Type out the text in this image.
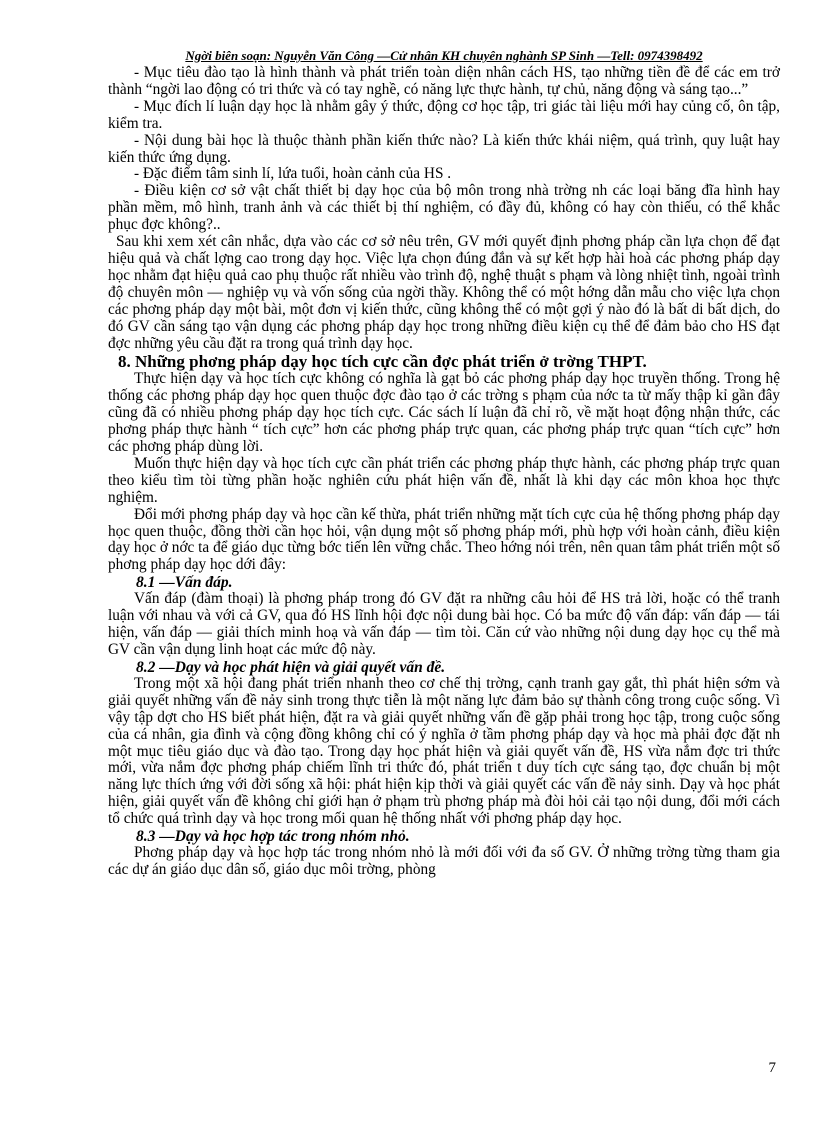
Ngời biên soạn: Nguyễn Văn Công —Cử nhân KH chuyên nghành SP Sinh —Tell: 0974398492

- Mục tiêu đào tạo là hình thành và phát triển toàn diện nhân cách HS, tạo những tiền đề để các em trở thành “ngời lao động có tri thức và có tay nghề, có năng lực thực hành, tự chủ, năng động và sáng tạo...”

- Mục đích lí luận dạy học là nhằm gây ý thức, động cơ học tập, tri giác tài liệu mới hay củng cố, ôn tập, kiểm tra.

- Nội dung bài học là thuộc thành phần kiến thức nào? Là kiến thức khái niệm, quá trình, quy luật hay kiến thức ứng dụng.

- Đặc điểm tâm sinh lí, lứa tuổi, hoàn cảnh của HS .

- Điều kiện cơ sở vật chất thiết bị dạy học của bộ môn trong nhà trờng nh các loại băng đĩa hình hay phần mềm, mô hình, tranh ảnh và các thiết bị thí nghiệm, có đầy đủ, không có hay còn thiếu, có thể khắc phục đợc không?..

Sau khi xem xét cân nhắc, dựa vào các cơ sở nêu trên, GV mới quyết định phơng pháp cần lựa chọn để đạt hiệu quả và chất lợng cao trong dạy học. Việc lựa chọn đúng đắn và sự kết hợp hài hoà các phơng pháp dạy học nhằm đạt hiệu quả cao phụ thuộc rất nhiều vào trình độ, nghệ thuật s phạm và lòng nhiệt tình, ngoài trình độ chuyên môn — nghiệp vụ và vốn sống của ngời thầy. Không thể có một hớng dẫn mẫu cho việc lựa chọn các phơng pháp dạy một bài, một đơn vị kiến thức, cũng không thể có một gợi ý nào đó là bất di bất dịch, do đó GV cần sáng tạo vận dụng các phơng pháp dạy học trong những điều kiện cụ thể để đảm bảo cho HS đạt đợc những yêu cầu đặt ra trong quá trình dạy học.

8. Những phơng pháp dạy học tích cực cần đợc phát triển ở trờng THPT.

Thực hiện dạy và học tích cực không có nghĩa là gạt bỏ các phơng pháp dạy học truyền thống. Trong hệ thống các phơng pháp dạy học quen thuộc đợc đào tạo ở các trờng s phạm của nớc ta từ mấy thập kỉ gần đây cũng đã có nhiều phơng pháp dạy học tích cực. Các sách lí luận đã chỉ rõ, về mặt hoạt động nhận thức, các phơng pháp thực hành “ tích cực” hơn các phơng pháp trực quan, các phơng pháp trực quan “tích cực” hơn các phơng pháp dùng lời.

Muốn thực hiện dạy và học tích cực cần phát triển các phơng pháp thực hành, các phơng pháp trực quan theo kiểu tìm tòi từng phần hoặc nghiên cứu phát hiện vấn đề, nhất là khi dạy các môn khoa học thực nghiệm.

Đổi mới phơng pháp dạy và học cần kế thừa, phát triển những mặt tích cực của hệ thống phơng pháp dạy học quen thuộc, đồng thời cần học hỏi, vận dụng một số phơng pháp mới, phù hợp với hoàn cảnh, điều kiện dạy học ở nớc ta để giáo dục từng bớc tiến lên vững chắc. Theo hớng nói trên, nên quan tâm phát triển một số phơng pháp dạy học dới đây:

8.1 —Vấn đáp.

Vấn đáp (đàm thoại) là phơng pháp trong đó GV đặt ra những câu hỏi để HS trả lời, hoặc có thể tranh luận với nhau và với cả GV, qua đó HS lĩnh hội đợc nội dung bài học. Có ba mức độ vấn đáp: vấn đáp — tái hiện, vấn đáp — giải thích minh hoạ và vấn đáp — tìm tòi. Căn cứ vào những nội dung dạy học cụ thể mà GV cần vận dụng linh hoạt các mức độ này.

8.2 —Dạy và học phát hiện và giải quyết vấn đề.

Trong một xã hội đang phát triển nhanh theo cơ chế thị trờng, cạnh tranh gay gắt, thì phát hiện sớm và giải quyết những vấn đề nảy sinh trong thực tiễn là một năng lực đảm bảo sự thành công trong cuộc sống. Vì vậy tập dợt cho HS biết phát hiện, đặt ra và giải quyết những vấn đề gặp phải trong học tập, trong cuộc sống của cá nhân, gia đình và cộng đồng không chỉ có ý nghĩa ở tầm phơng pháp dạy và học mà phải đợc đặt nh một mục tiêu giáo dục và đào tạo. Trong dạy học phát hiện và giải quyết vấn đề, HS vừa nắm đợc tri thức mới, vừa nắm đợc phơng pháp chiếm lĩnh tri thức đó, phát triển t duy tích cực sáng tạo, đợc chuẩn bị một năng lực thích ứng với đời sống xã hội: phát hiện kịp thời và giải quyết các vấn đề nảy sinh. Dạy và học phát hiện, giải quyết vấn đề không chỉ giới hạn ở phạm trù phơng pháp mà đòi hỏi cải tạo nội dung, đổi mới cách tổ chức quá trình dạy và học trong mối quan hệ thống nhất với phơng pháp dạy học.

8.3 —Dạy và học hợp tác trong nhóm nhỏ.

Phơng pháp dạy và học hợp tác trong nhóm nhỏ là mới đối với đa số GV. Ở những trờng từng tham gia các dự án giáo dục dân số, giáo dục môi trờng, phòng

7
